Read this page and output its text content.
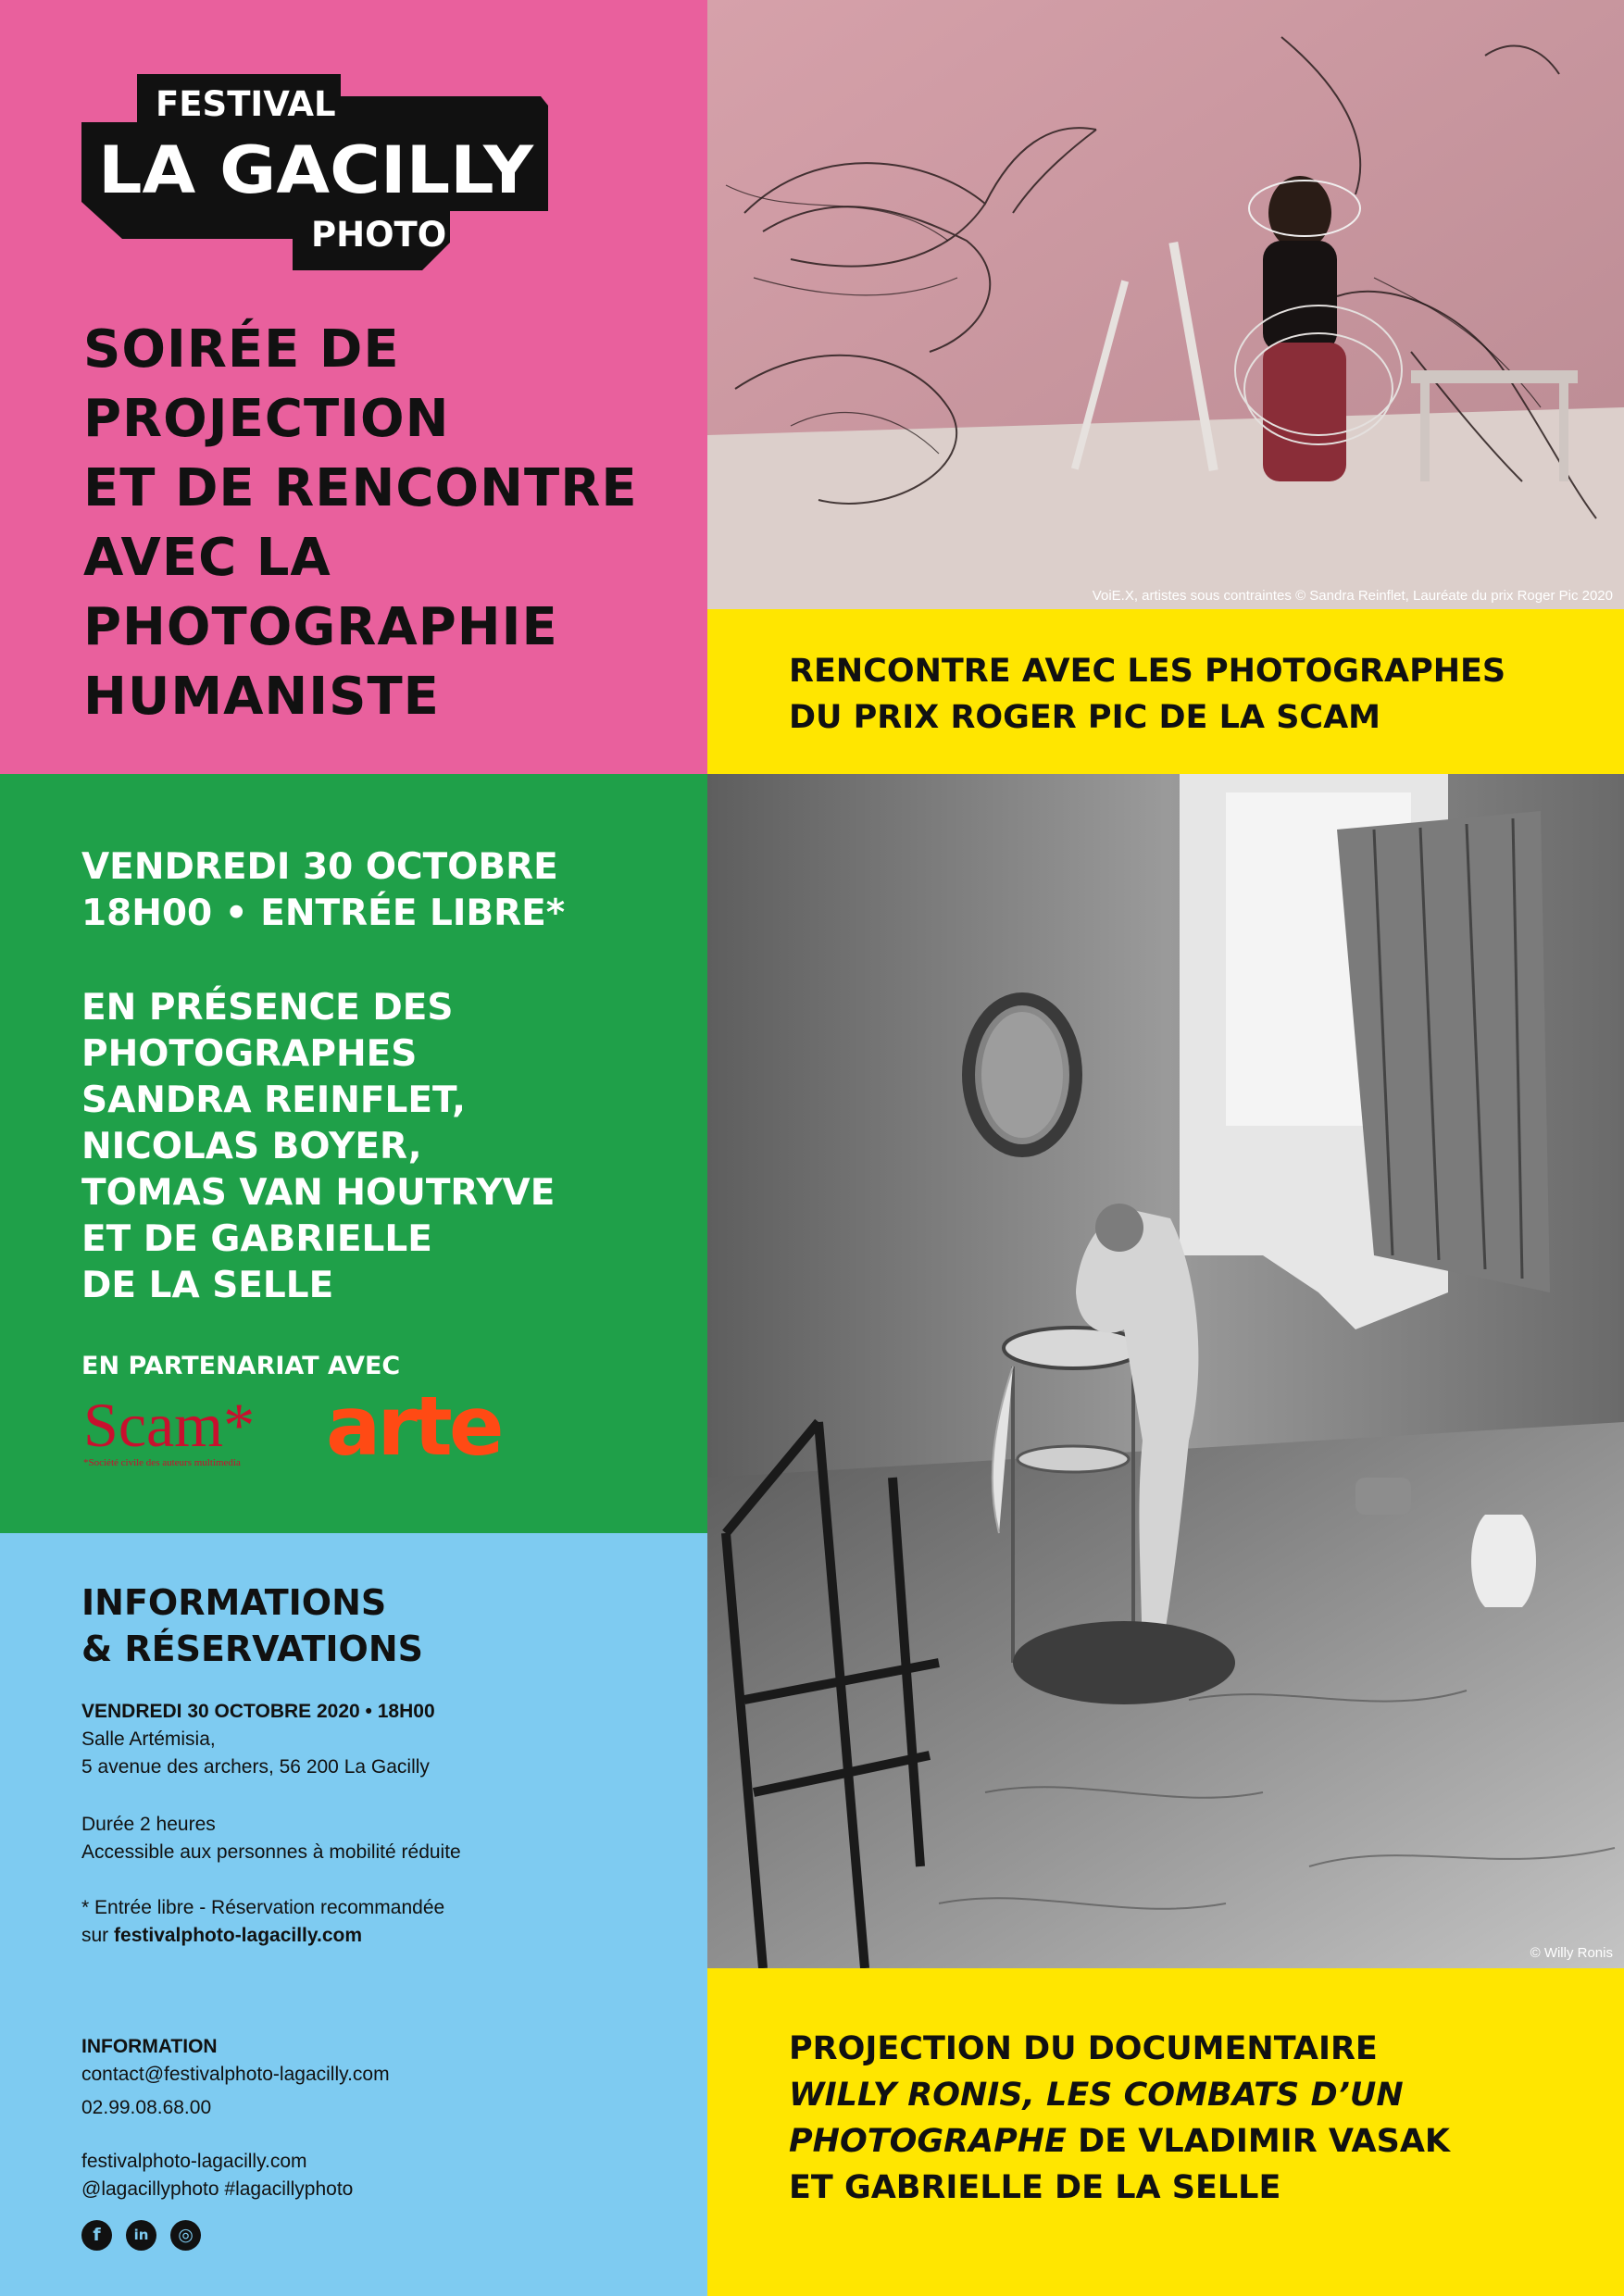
FESTIVAL
LA GACILLY
PHOTO
SOIRÉE DE
PROJECTION
ET DE RENCONTRE
AVEC LA
PHOTOGRAPHIE
HUMANISTE
VoiE.X, artistes sous contraintes © Sandra Reinflet, Lauréate du prix Roger Pic 2020
RENCONTRE AVEC LES PHOTOGRAPHES
DU PRIX ROGER PIC DE LA SCAM
VENDREDI 30 OCTOBRE
18H00 • ENTRÉE LIBRE*
EN PRÉSENCE DES
PHOTOGRAPHES
SANDRA REINFLET,
NICOLAS BOYER,
TOMAS VAN HOUTRYVE
ET DE GABRIELLE
DE LA SELLE
EN PARTENARIAT AVEC
Scam*
*Société civile des auteurs multimedia arte
© Willy Ronis
INFORMATIONS
& RÉSERVATIONS
VENDREDI 30 OCTOBRE 2020 • 18H00
Salle Artémisia,
5 avenue des archers, 56 200 La Gacilly
Durée 2 heures
Accessible aux personnes à mobilité réduite
* Entrée libre - Réservation recommandée
sur festivalphoto-lagacilly.com
INFORMATION
contact@festivalphoto-lagacilly.com
02.99.08.68.00
festivalphoto-lagacilly.com
@lagacillyphoto #lagacillyphoto
f	in	◎
PROJECTION DU DOCUMENTAIRE
WILLY RONIS, LES COMBATS D’UN
PHOTOGRAPHE DE VLADIMIR VASAK
ET GABRIELLE DE LA SELLE
